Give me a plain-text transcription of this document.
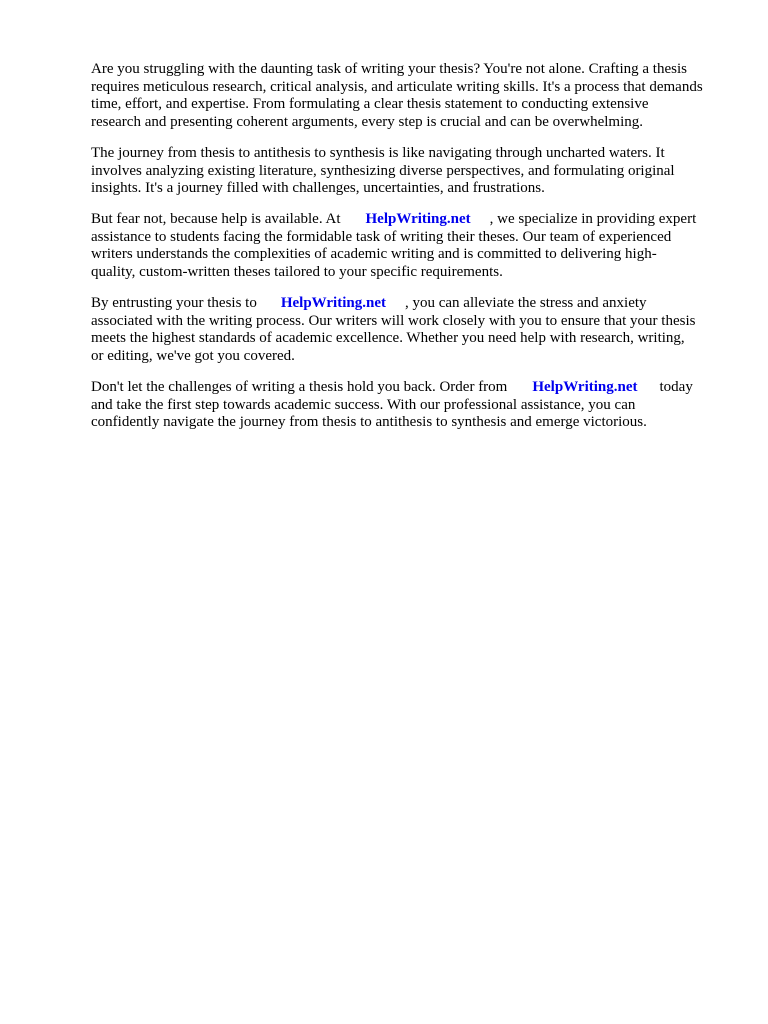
Are you struggling with the daunting task of writing your thesis? You're not alone. Crafting a thesis
requires meticulous research, critical analysis, and articulate writing skills. It's a process that demands
time, effort, and expertise. From formulating a clear thesis statement to conducting extensive
research and presenting coherent arguments, every step is crucial and can be overwhelming.

The journey from thesis to antithesis to synthesis is like navigating through uncharted waters. It
involves analyzing existing literature, synthesizing diverse perspectives, and formulating original
insights. It's a journey filled with challenges, uncertainties, and frustrations.

But fear not, because help is available. At HelpWriting.net , we specialize in providing expert
assistance to students facing the formidable task of writing their theses. Our team of experienced
writers understands the complexities of academic writing and is committed to delivering high-
quality, custom-written theses tailored to your specific requirements.

By entrusting your thesis to HelpWriting.net , you can alleviate the stress and anxiety
associated with the writing process. Our writers will work closely with you to ensure that your thesis
meets the highest standards of academic excellence. Whether you need help with research, writing,
or editing, we've got you covered.

Don't let the challenges of writing a thesis hold you back. Order from HelpWriting.net today
and take the first step towards academic success. With our professional assistance, you can
confidently navigate the journey from thesis to antithesis to synthesis and emerge victorious.
